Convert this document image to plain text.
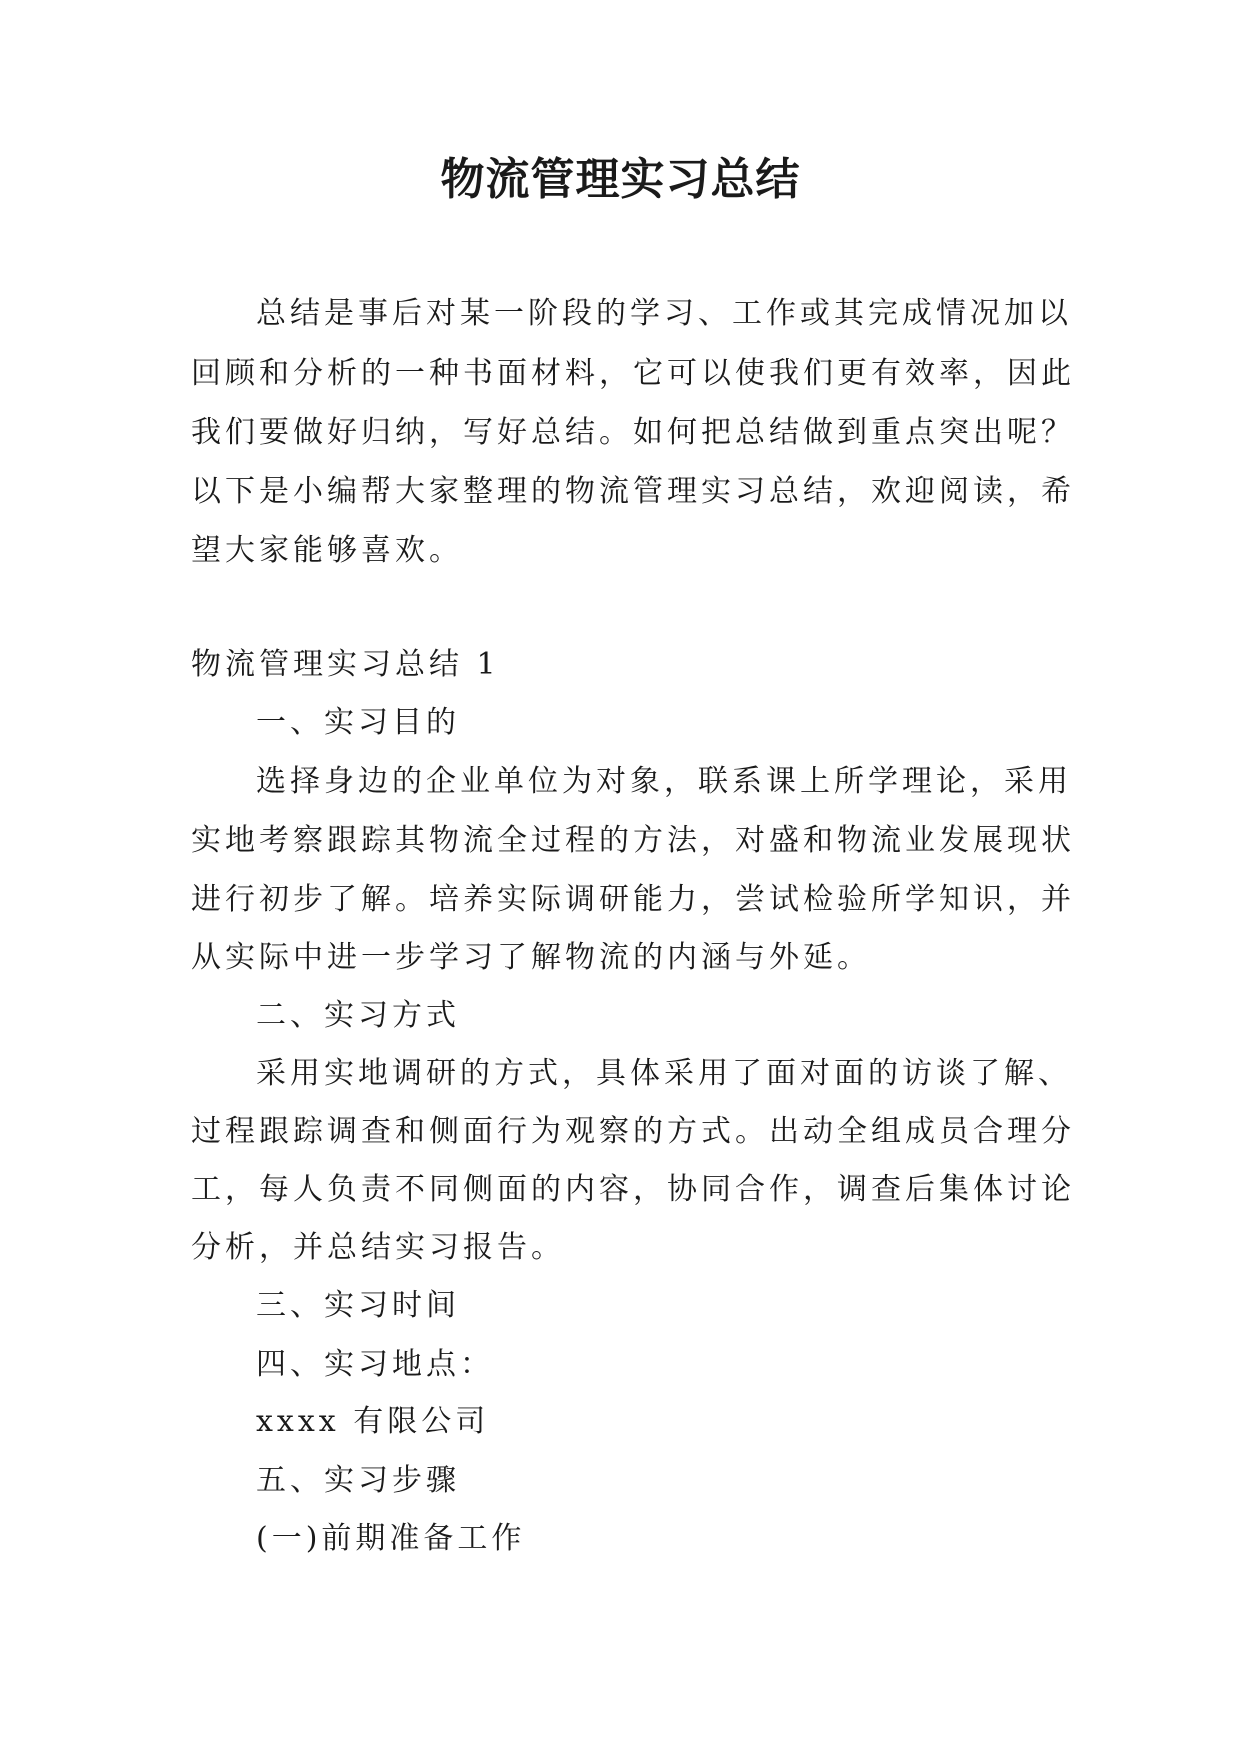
物流管理实习总结
总结是事后对某一阶段的学习、工作或其完成情况加以
回顾和分析的一种书面材料，它可以使我们更有效率，因此
我们要做好归纳，写好总结。如何把总结做到重点突出呢？
以下是小编帮大家整理的物流管理实习总结，欢迎阅读，希
望大家能够喜欢。
物流管理实习总结 1
一、实习目的
选择身边的企业单位为对象，联系课上所学理论，采用
实地考察跟踪其物流全过程的方法，对盛和物流业发展现状
进行初步了解。培养实际调研能力，尝试检验所学知识，并
从实际中进一步学习了解物流的内涵与外延。
二、实习方式
采用实地调研的方式，具体采用了面对面的访谈了解、
过程跟踪调查和侧面行为观察的方式。出动全组成员合理分
工，每人负责不同侧面的内容，协同合作，调查后集体讨论
分析，并总结实习报告。
三、实习时间
四、实习地点：
xxxx 有限公司
五、实习步骤
(一)前期准备工作
